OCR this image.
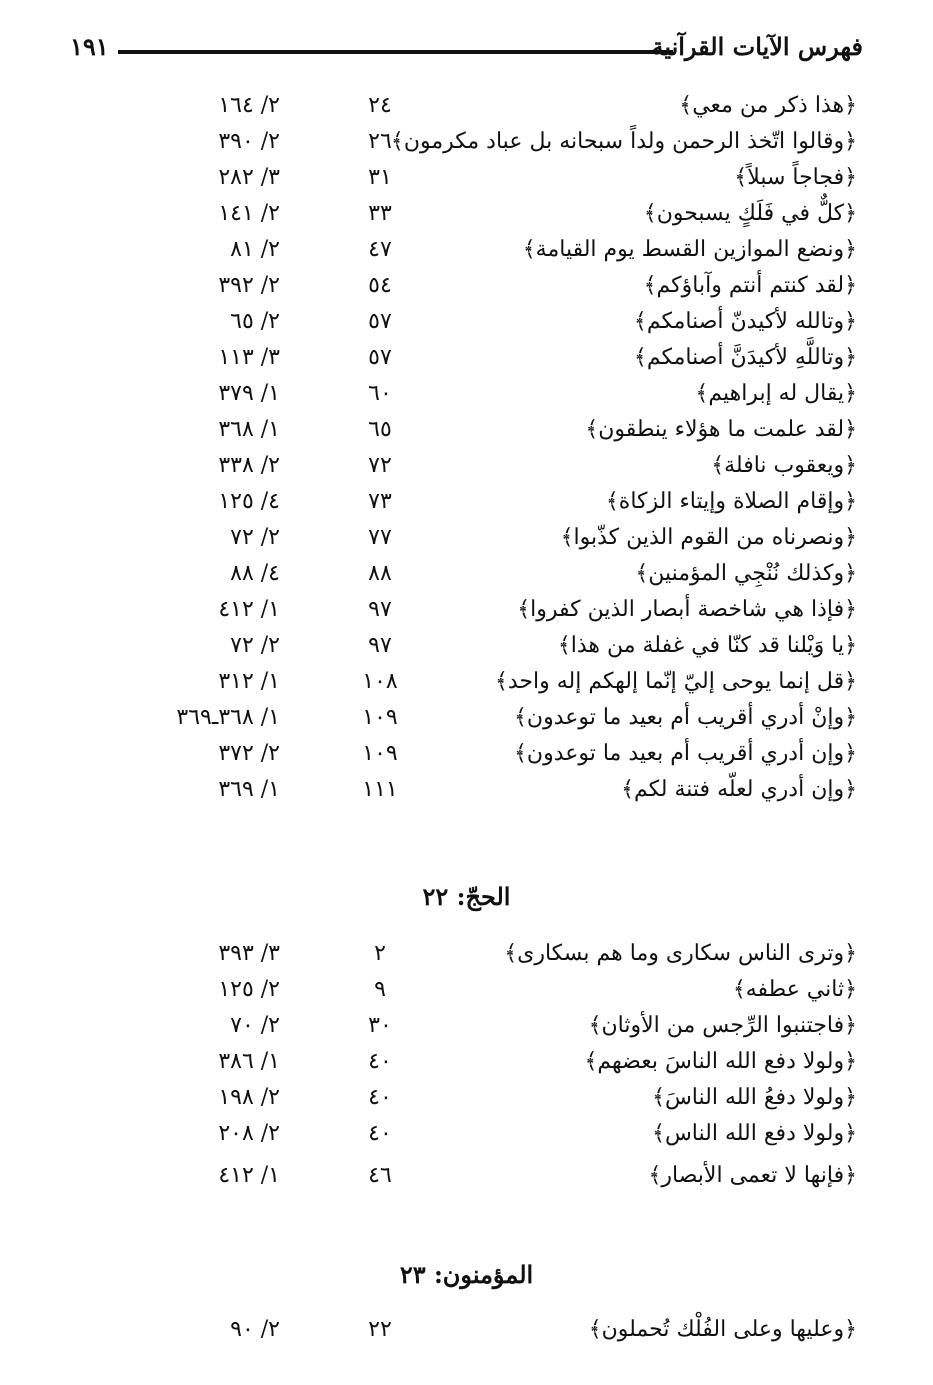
فهرس الآيات القرآنية
١٩١
﴿هذا ذكر من معي﴾
٢٤
٢/ ١٦٤
﴿وقالوا اتّخذ الرحمن ولداً سبحانه بل عباد مكرمون﴾
٢٦
٢/ ٣٩٠
﴿فجاجاً سبلاً﴾
٣١
٣/ ٢٨٢
﴿كلٌّ في فَلَكٍ يسبحون﴾
٣٣
٢/ ١٤١
﴿ونضع الموازين القسط يوم القيامة﴾
٤٧
٢/ ٨١
﴿لقد كنتم أنتم وآباؤكم﴾
٥٤
٢/ ٣٩٢
﴿وتالله لأكيدنّ أصنامكم﴾
٥٧
٢/ ٦٥
﴿وتاللَّهِ لأكيدَنَّ أصنامكم﴾
٥٧
٣/ ١١٣
﴿يقال له إبراهيم﴾
٦٠
١/ ٣٧٩
﴿لقد علمت ما هؤلاء ينطقون﴾
٦٥
١/ ٣٦٨
﴿ويعقوب نافلة﴾
٧٢
٢/ ٣٣٨
﴿وإقام الصلاة وإيتاء الزكاة﴾
٧٣
٤/ ١٢٥
﴿ونصرناه من القوم الذين كذّبوا﴾
٧٧
٢/ ٧٢
﴿وكذلك نُنْجِي المؤمنين﴾
٨٨
٤/ ٨٨
﴿فإذا هي شاخصة أبصار الذين كفروا﴾
٩٧
١/ ٤١٢
﴿يا وَيْلنا قد كنّا في غفلة من هذا﴾
٩٧
٢/ ٧٢
﴿قل إنما يوحى إليّ إنّما إلهكم إله واحد﴾
١٠٨
١/ ٣١٢
﴿وإنْ أدري أقريب أم بعيد ما توعدون﴾
١٠٩
١/ ٣٦٨ـ٣٦٩
﴿وإن أدري أقريب أم بعيد ما توعدون﴾
١٠٩
٢/ ٣٧٢
﴿وإن أدري لعلّه فتنة لكم﴾
١١١
١/ ٣٦٩
الحجّ: ٢٢
﴿وترى الناس سكارى وما هم بسكارى﴾
٢
٣/ ٣٩٣
﴿ثاني عطفه﴾
٩
٢/ ١٢٥
﴿فاجتنبوا الرِّجس من الأوثان﴾
٣٠
٢/ ٧٠
﴿ولولا دفع الله الناسَ بعضهم﴾
٤٠
١/ ٣٨٦
﴿ولولا دفعُ الله الناسَ﴾
٤٠
٢/ ١٩٨
﴿ولولا دفع الله الناس﴾
٤٠
٢/ ٢٠٨
﴿فإنها لا تعمى الأبصار﴾
٤٦
١/ ٤١٢
المؤمنون: ٢٣
﴿وعليها وعلى الفُلْك تُحملون﴾
٢٢
٢/ ٩٠
